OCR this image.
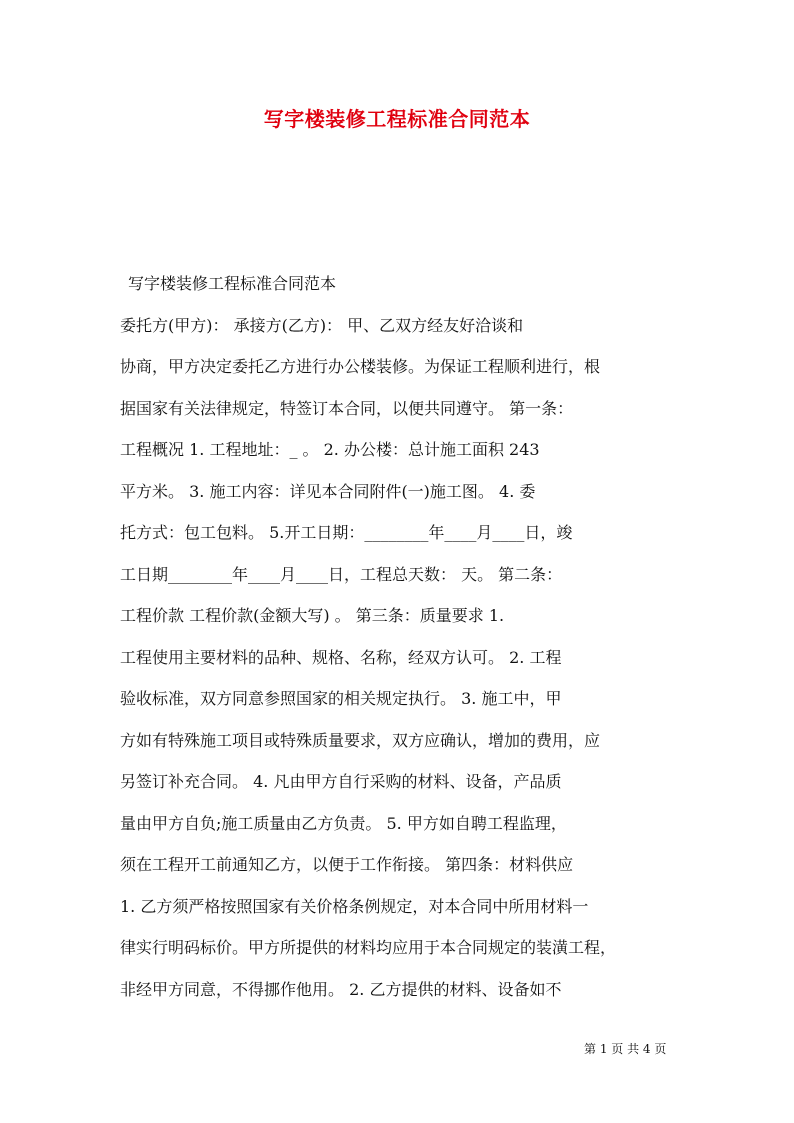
写字楼装修工程标准合同范本
写字楼装修工程标准合同范本
委托方(甲方)： 承接方(乙方)： 甲、乙双方经友好洽谈和
协商，甲方决定委托乙方进行办公楼装修。为保证工程顺利进行，根
据国家有关法律规定，特签订本合同，以便共同遵守。 第一条：
工程概况 1. 工程地址：_ 。 2. 办公楼：总计施工面积 243
平方米。 3. 施工内容：详见本合同附件(一)施工图。 4. 委
托方式：包工包料。 5.开工日期：________年____月____日，竣
工日期________年____月____日，工程总天数： 天。 第二条：
工程价款 工程价款(金额大写) 。 第三条：质量要求 1.
工程使用主要材料的品种、规格、名称，经双方认可。 2. 工程
验收标准，双方同意参照国家的相关规定执行。 3. 施工中，甲
方如有特殊施工项目或特殊质量要求，双方应确认，增加的费用，应
另签订补充合同。 4. 凡由甲方自行采购的材料、设备，产品质
量由甲方自负;施工质量由乙方负责。 5. 甲方如自聘工程监理，
须在工程开工前通知乙方，以便于工作衔接。 第四条：材料供应
1. 乙方须严格按照国家有关价格条例规定，对本合同中所用材料一
律实行明码标价。甲方所提供的材料均应用于本合同规定的装潢工程，
非经甲方同意，不得挪作他用。 2. 乙方提供的材料、设备如不
第 1 页 共 4 页
